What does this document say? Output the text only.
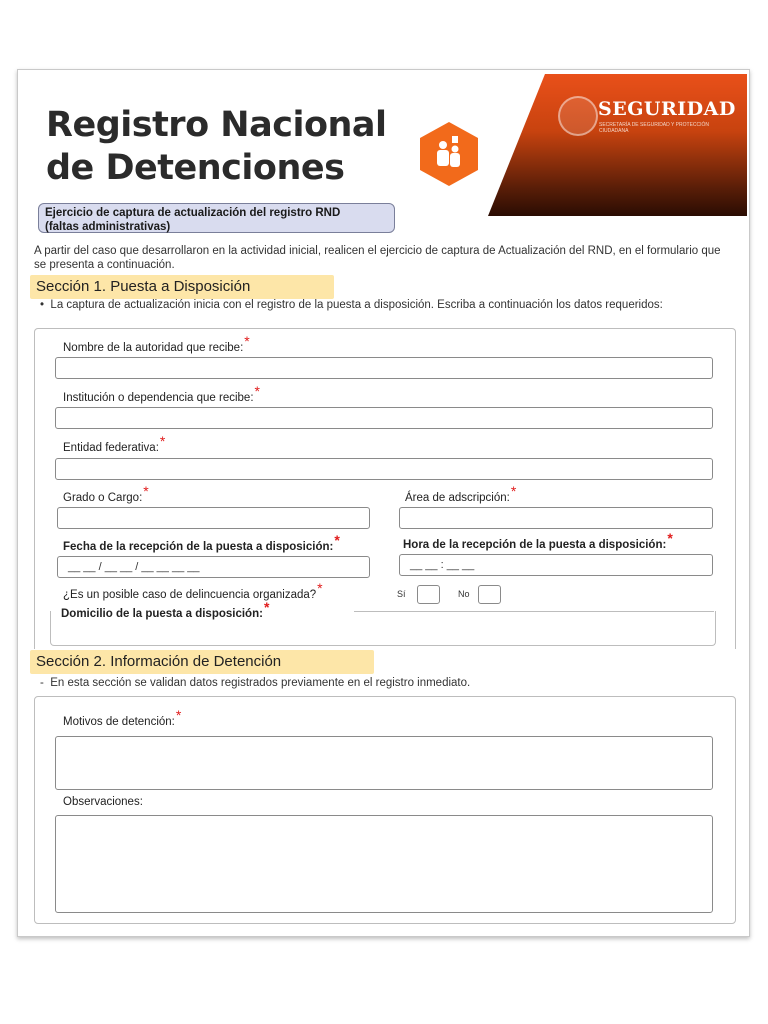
Registro Nacional
de Detenciones
SEGURIDAD
SECRETARÍA DE SEGURIDAD Y PROTECCIÓN CIUDADANA
Ejercicio de captura de actualización del registro RND
(faltas administrativas)
A partir del caso que desarrollaron en la actividad inicial, realicen el ejercicio de captura de Actualización del RND, en el formulario que se presenta a continuación.
Sección 1. Puesta a Disposición
•  La captura de actualización inicia con el registro de la puesta a disposición. Escriba a continuación los datos requeridos:
Nombre de la autoridad que recibe:*
Institución o dependencia que recibe:*
Entidad federativa:*
Grado o Cargo:*	Área de adscripción:*
Fecha de la recepción de la puesta a disposición:*	Hora de la recepción de la puesta a disposición:*
__ __ / __ __ / __ __ __ __	__ __ : __ __
¿Es un posible caso de delincuencia organizada?*	Sí	No
Domicilio de la puesta a disposición:*
Sección 2. Información de Detención
-  En esta sección se validan datos registrados previamente en el registro inmediato.
Motivos de detención:*
Observaciones:
